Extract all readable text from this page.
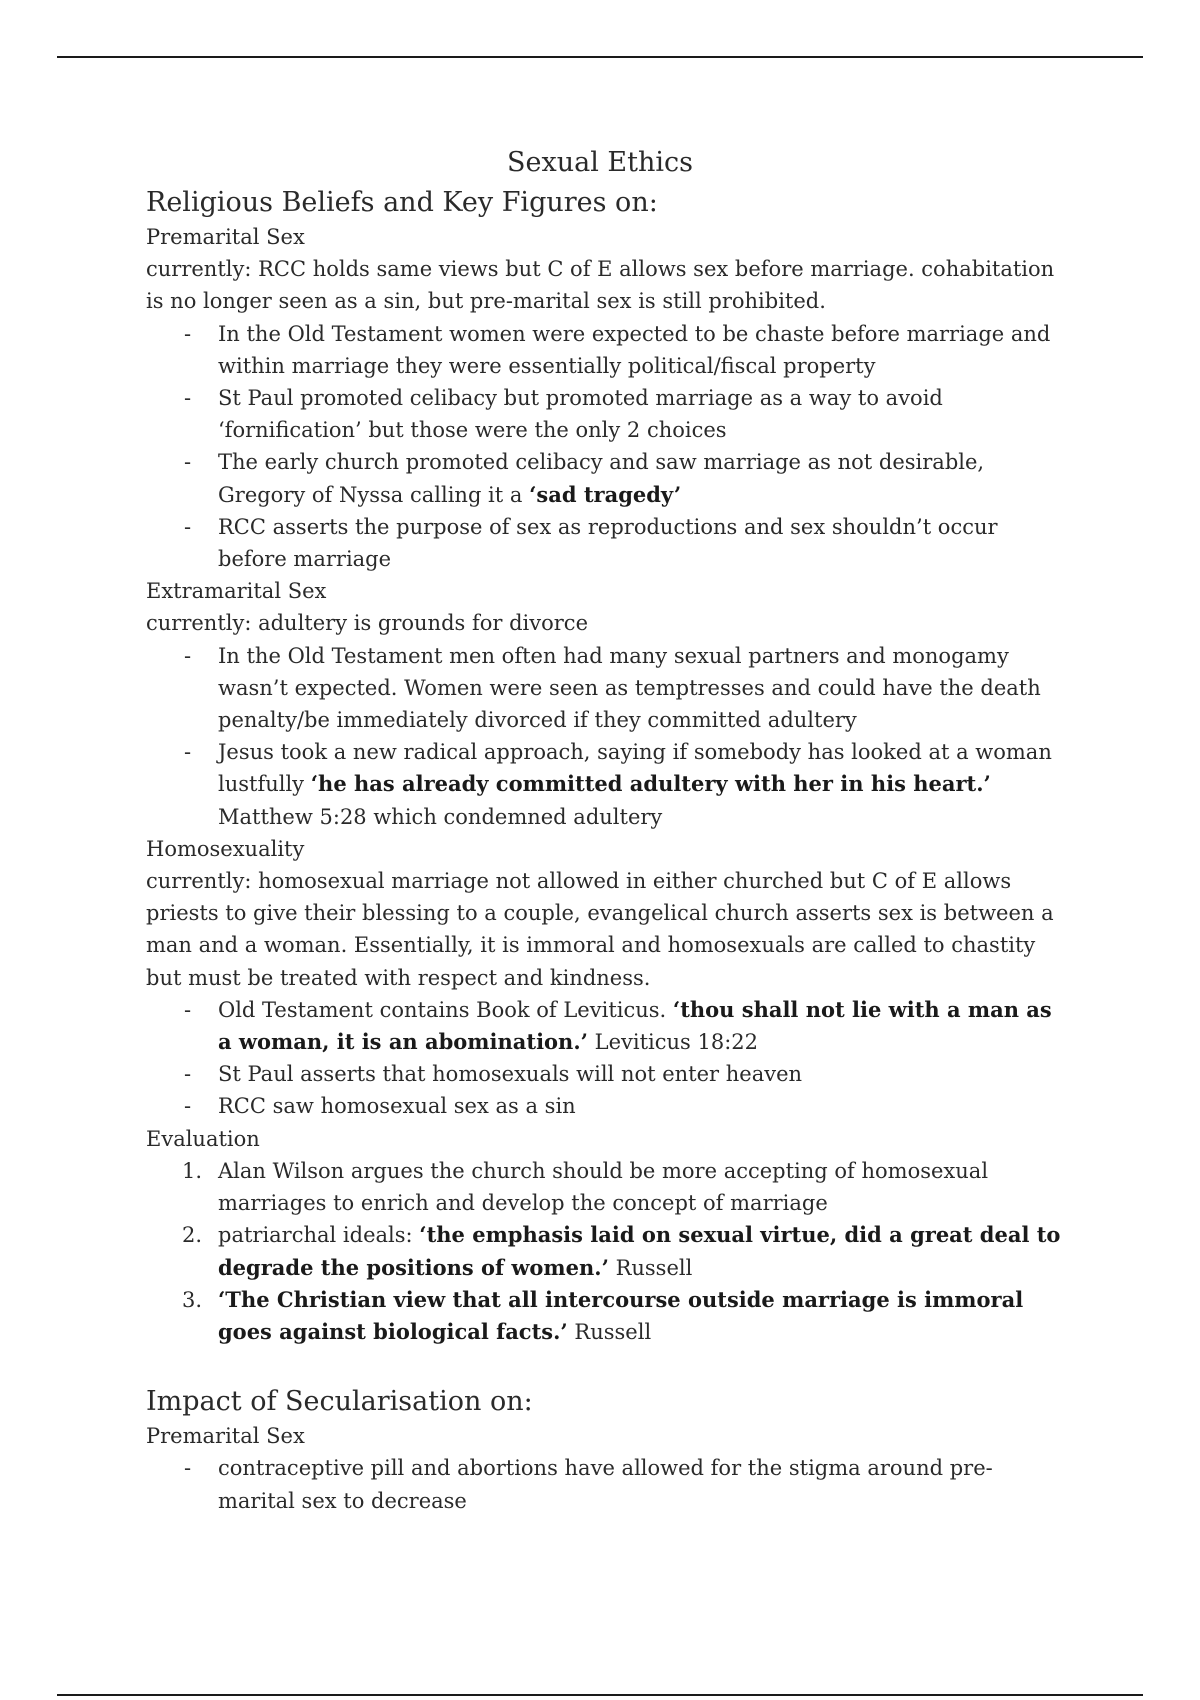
Sexual Ethics
Religious Beliefs and Key Figures on:

Premarital Sex

currently: RCC holds same views but C of E allows sex before marriage. cohabitation is no longer seen as a sin, but pre-marital sex is still prohibited.

- In the Old Testament women were expected to be chaste before marriage and within marriage they were essentially political/fiscal property
- St Paul promoted celibacy but promoted marriage as a way to avoid ‘fornification’ but those were the only 2 choices
- The early church promoted celibacy and saw marriage as not desirable, Gregory of Nyssa calling it a ‘sad tragedy’
- RCC asserts the purpose of sex as reproductions and sex shouldn’t occur before marriage

Extramarital Sex

currently: adultery is grounds for divorce

- In the Old Testament men often had many sexual partners and monogamy wasn’t expected. Women were seen as temptresses and could have the death penalty/be immediately divorced if they committed adultery
- Jesus took a new radical approach, saying if somebody has looked at a woman lustfully ‘he has already committed adultery with her in his heart.’ Matthew 5:28 which condemned adultery

Homosexuality

currently: homosexual marriage not allowed in either churched but C of E allows priests to give their blessing to a couple, evangelical church asserts sex is between a man and a woman. Essentially, it is immoral and homosexuals are called to chastity but must be treated with respect and kindness.

- Old Testament contains Book of Leviticus. ‘thou shall not lie with a man as a woman, it is an abomination.’ Leviticus 18:22
- St Paul asserts that homosexuals will not enter heaven
- RCC saw homosexual sex as a sin

Evaluation

1. Alan Wilson argues the church should be more accepting of homosexual marriages to enrich and develop the concept of marriage
2. patriarchal ideals: ‘the emphasis laid on sexual virtue, did a great deal to degrade the positions of women.’ Russell
3. ‘The Christian view that all intercourse outside marriage is immoral goes against biological facts.’ Russell
Impact of Secularisation on:

Premarital Sex

- contraceptive pill and abortions have allowed for the stigma around pre-marital sex to decrease
